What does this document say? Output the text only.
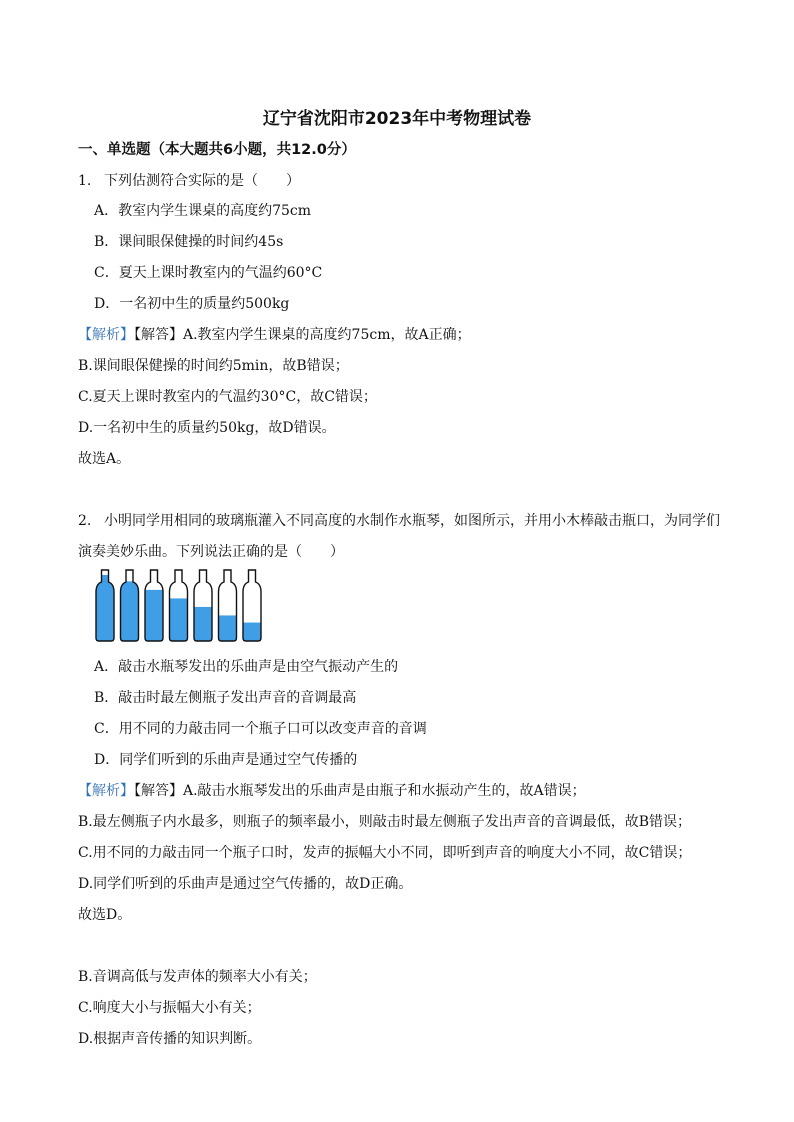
辽宁省沈阳市2023年中考物理试卷
一、单选题（本大题共6小题，共12.0分）
1. 下列估测符合实际的是（　　）
A．教室内学生课桌的高度约75cm
B．课间眼保健操的时间约45s
C．夏天上课时教室内的气温约60°C
D．一名初中生的质量约500kg
【解析】【解答】A.教室内学生课桌的高度约75cm，故A正确；
B.课间眼保健操的时间约5min，故B错误；
C.夏天上课时教室内的气温约30°C，故C错误；
D.一名初中生的质量约50kg，故D错误。
故选A。
2. 小明同学用相同的玻璃瓶灌入不同高度的水制作水瓶琴，如图所示，并用小木棒敲击瓶口，为同学们
演奏美妙乐曲。下列说法正确的是（　　）
A．敲击水瓶琴发出的乐曲声是由空气振动产生的
B．敲击时最左侧瓶子发出声音的音调最高
C．用不同的力敲击同一个瓶子口可以改变声音的音调
D．同学们听到的乐曲声是通过空气传播的
【解析】【解答】A.敲击水瓶琴发出的乐曲声是由瓶子和水振动产生的，故A错误；
B.最左侧瓶子内水最多，则瓶子的频率最小，则敲击时最左侧瓶子发出声音的音调最低，故B错误；
C.用不同的力敲击同一个瓶子口时，发声的振幅大小不同，即听到声音的响度大小不同，故C错误；
D.同学们听到的乐曲声是通过空气传播的，故D正确。
故选D。
B.音调高低与发声体的频率大小有关；
C.响度大小与振幅大小有关；
D.根据声音传播的知识判断。
